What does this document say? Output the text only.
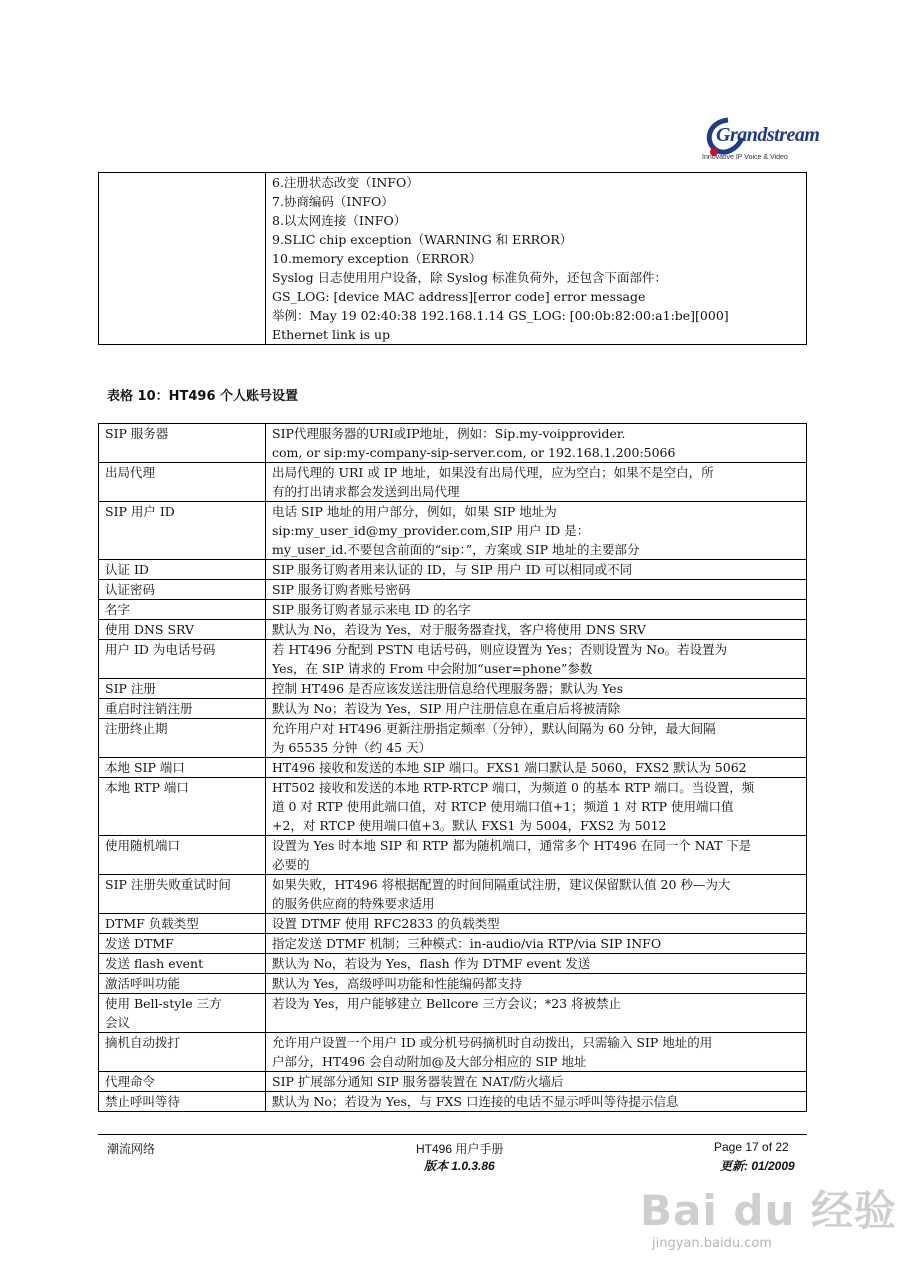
Grandstream
Innovative IP Voice & Video

6.注册状态改变（INFO）
7.协商编码（INFO）
8.以太网连接（INFO）
9.SLIC chip exception（WARNING 和 ERROR）
10.memory exception（ERROR）
Syslog 日志使用用户设备，除 Syslog 标准负荷外，还包含下面部件：
GS_LOG: [device MAC address][error code] error message
举例：May 19 02:40:38 192.168.1.14 GS_LOG: [00:0b:82:00:a1:be][000]
Ethernet link is up
表格 10：HT496 个人账号设置
SIP 服务器	SIP代理服务器的URI或IP地址，例如：Sip.my-voipprovider.
com, or sip:my-company-sip-server.com, or 192.168.1.200:5066

出局代理	出局代理的 URI 或 IP 地址，如果没有出局代理，应为空白；如果不是空白，所
有的打出请求都会发送到出局代理

SIP 用户 ID	电话 SIP 地址的用户部分，例如，如果 SIP 地址为
sip:my_user_id@my_provider.com,SIP 用户 ID 是：
my_user_id.不要包含前面的“sip：”，方案或 SIP 地址的主要部分

认证 ID	SIP 服务订购者用来认证的 ID，与 SIP 用户 ID 可以相同或不同

认证密码	SIP 服务订购者账号密码

名字	SIP 服务订购者显示来电 ID 的名字

使用 DNS SRV	默认为 No，若设为 Yes，对于服务器查找，客户将使用 DNS SRV

用户 ID 为电话号码	若 HT496 分配到 PSTN 电话号码，则应设置为 Yes；否则设置为 No。若设置为
Yes，在 SIP 请求的 From 中会附加“user=phone”参数

SIP 注册	控制 HT496 是否应该发送注册信息给代理服务器；默认为 Yes

重启时注销注册	默认为 No；若设为 Yes，SIP 用户注册信息在重启后将被清除

注册终止期	允许用户对 HT496 更新注册指定频率（分钟），默认间隔为 60 分钟，最大间隔
为 65535 分钟（约 45 天）

本地 SIP 端口	HT496 接收和发送的本地 SIP 端口。FXS1 端口默认是 5060，FXS2 默认为 5062

本地 RTP 端口	HT502 接收和发送的本地 RTP-RTCP 端口，为频道 0 的基本 RTP 端口。当设置，频
道 0 对 RTP 使用此端口值，对 RTCP 使用端口值+1；频道 1 对 RTP 使用端口值
+2，对 RTCP 使用端口值+3。默认 FXS1 为 5004，FXS2 为 5012

使用随机端口	设置为 Yes 时本地 SIP 和 RTP 都为随机端口，通常多个 HT496 在同一个 NAT 下是
必要的

SIP 注册失败重试时间	如果失败，HT496 将根据配置的时间间隔重试注册，建议保留默认值 20 秒—为大
的服务供应商的特殊要求适用

DTMF 负载类型	设置 DTMF 使用 RFC2833 的负载类型

发送 DTMF	指定发送 DTMF 机制；三种模式：in-audio/via RTP/via SIP INFO

发送 flash event	默认为 No，若设为 Yes，flash 作为 DTMF event 发送

激活呼叫功能	默认为 Yes，高级呼叫功能和性能编码都支持

使用 Bell-style 三方
会议	若设为 Yes，用户能够建立 Bellcore 三方会议；*23 将被禁止

摘机自动拨打	允许用户设置一个用户 ID 或分机号码摘机时自动拨出，只需输入 SIP 地址的用
户部分，HT496 会自动附加@及大部分相应的 SIP 地址

代理命令	SIP 扩展部分通知 SIP 服务器装置在 NAT/防火墙后

禁止呼叫等待	默认为 No；若设为 Yes，与 FXS 口连接的电话不显示呼叫等待提示信息
潮流网络	HT496 用户手册
版本 1.0.3.86
Page 17 of 22
更新: 01/2009
Bai du 经验
jingyan.baidu.com
